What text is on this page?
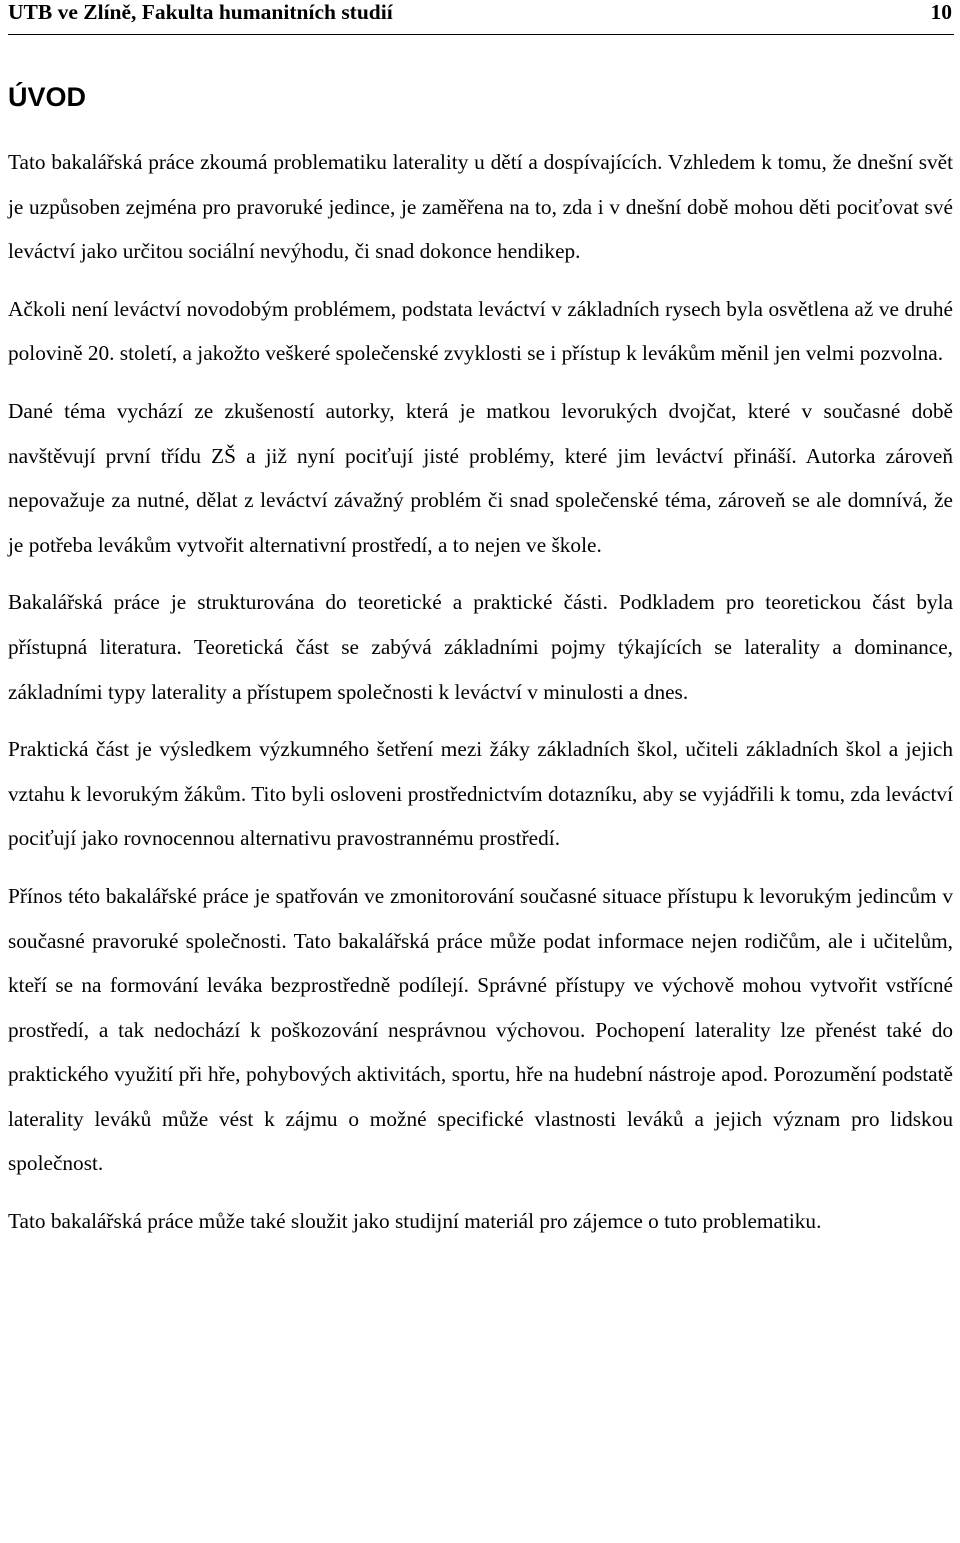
UTB ve Zlíně, Fakulta humanitních studií	10
ÚVOD

Tato bakalářská práce zkoumá problematiku laterality u dětí a dospívajících. Vzhledem k tomu, že dnešní svět je uzpůsoben zejména pro pravoruké jedince, je zaměřena na to, zda i v dnešní době mohou děti pociťovat své leváctví jako určitou sociální nevýhodu, či snad dokonce hendikep.

Ačkoli není leváctví novodobým problémem, podstata leváctví v základních rysech byla osvětlena až ve druhé polovině 20. století, a jakožto veškeré společenské zvyklosti se i přístup k levákům měnil jen velmi pozvolna.

Dané téma vychází ze zkušeností autorky, která je matkou levorukých dvojčat, které v současné době navštěvují první třídu ZŠ a již nyní pociťují jisté problémy, které jim leváctví přináší. Autorka zároveň nepovažuje za nutné, dělat z leváctví závažný problém či snad společenské téma, zároveň se ale domnívá, že je potřeba levákům vytvořit alternativní prostředí, a to nejen ve škole.

Bakalářská práce je strukturována do teoretické a praktické části. Podkladem pro teoretickou část byla přístupná literatura. Teoretická část se zabývá základními pojmy týkajících se laterality a dominance, základními typy laterality a přístupem společnosti k leváctví v minulosti a dnes.

Praktická část je výsledkem výzkumného šetření mezi žáky základních škol, učiteli základních škol a jejich vztahu k levorukým žákům. Tito byli osloveni prostřednictvím dotazníku, aby se vyjádřili k tomu, zda leváctví pociťují jako rovnocennou alternativu pravostrannému prostředí.

Přínos této bakalářské práce je spatřován ve zmonitorování současné situace přístupu k levorukým jedincům v současné pravoruké společnosti. Tato bakalářská práce může podat informace nejen rodičům, ale i učitelům, kteří se na formování leváka bezprostředně podílejí. Správné přístupy ve výchově mohou vytvořit vstřícné prostředí, a tak nedochází k poškozování nesprávnou výchovou. Pochopení laterality lze přenést také do praktického využití při hře, pohybových aktivitách, sportu, hře na hudební nástroje apod. Porozumění podstatě laterality leváků může vést k zájmu o možné specifické vlastnosti leváků a jejich význam pro lidskou společnost.

Tato bakalářská práce může také sloužit jako studijní materiál pro zájemce o tuto problematiku.
